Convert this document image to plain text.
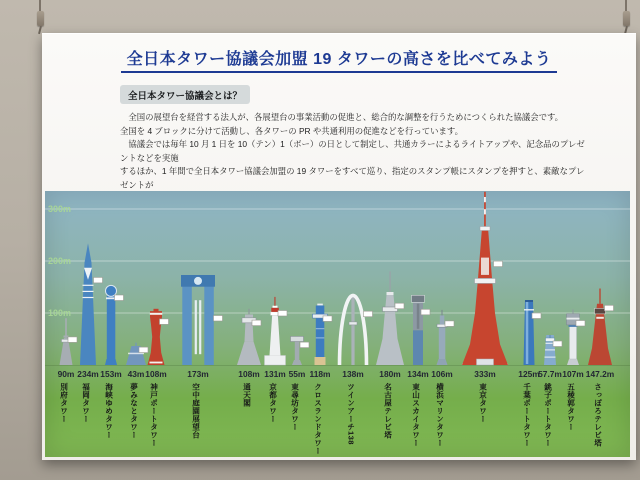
全日本タワー協議会加盟 19 タワーの高さを比べてみよう
全日本タワー協議会とは？
　全国の展望台を経営する法人が、各展望台の事業活動の促進と、総合的な調整を行うためにつくられた協議会です。
全国を 4 ブロックに分けて活動し、各タワーの PR や共通利用の促進などを行っています。
　協議会では毎年 10 月 1 日を 10（テン）1（ボー）の日として制定し、共通カラーによるライトアップや、記念品のプレゼントなどを実施
するほか、1 年間で全日本タワー協議会加盟の 19 タワーをすべて巡り、指定のスタンプ帳にスタンプを押すと、素敵なプレゼントが
300m
200m
100m
90m 234m 153m 43m 108m 173m	108m 131m 55m 118m 138m 180m 134m 106m	333m	125m
57.7m 107m 147.2m
別府タワー 福岡タワー 海峡ゆめタワー 夢みなとタワー 神戸ポートタワー	空中庭園展望台	通天閣 京都タワー 東尋坊タワー クロスランドタワー	ツインアーチ138	名古屋テレビ塔	東山スカイタワー 横浜マリンタワー	東京タワー	千葉ポートタワー 銚子ポートタワー 五稜郭タワー さっぽろテレビ塔
